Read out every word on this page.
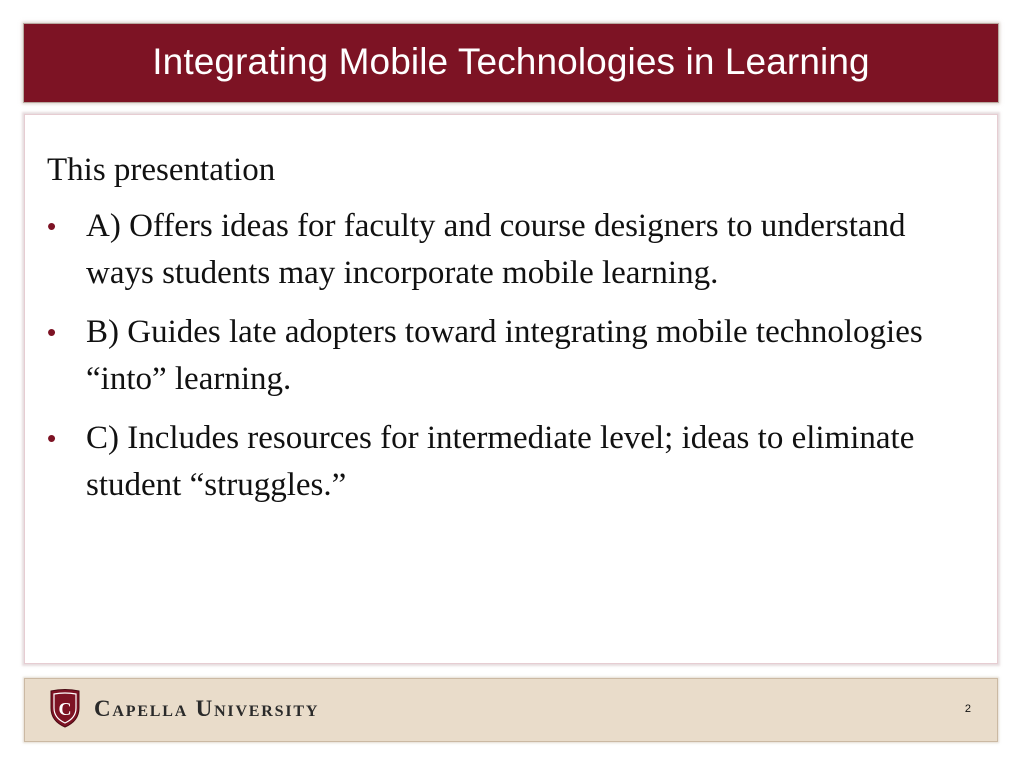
Integrating Mobile Technologies in Learning
This presentation
• A) Offers ideas for faculty and course designers to understand ways students may incorporate mobile learning.
• B) Guides late adopters toward integrating mobile technologies “into” learning.
• C) Includes resources for intermediate level; ideas to eliminate student “struggles.”
C Capella University	2
